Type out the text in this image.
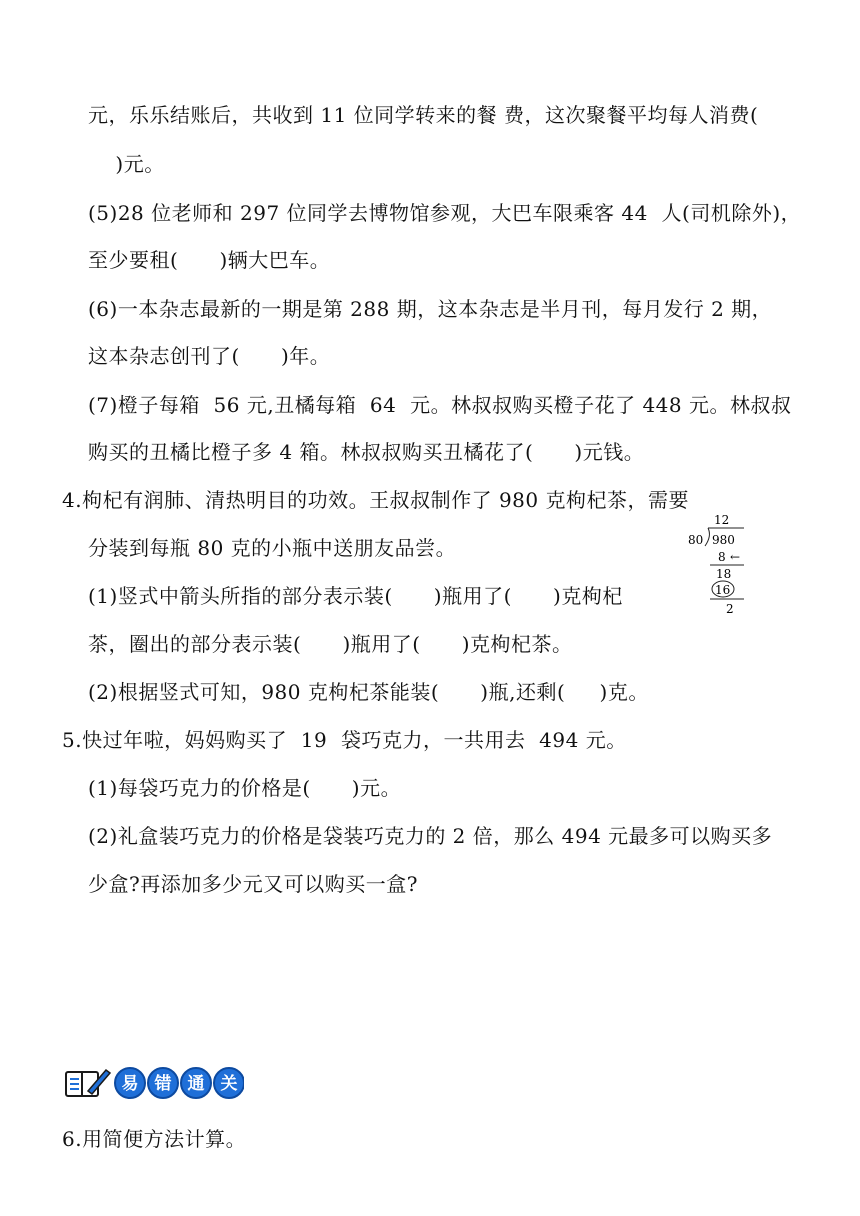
元，乐乐结账后，共收到 11 位同学转来的餐 费，这次聚餐平均每人消费(
)元。
(5)28 位老师和 297 位同学去博物馆参观，大巴车限乘客 44  人(司机除外)，
至少要租(      )辆大巴车。
(6)一本杂志最新的一期是第 288 期，这本杂志是半月刊，每月发行 2 期，
这本杂志创刊了(      )年。
(7)橙子每箱  56 元,丑橘每箱  64  元。林叔叔购买橙子花了 448 元。林叔叔
购买的丑橘比橙子多 4 箱。林叔叔购买丑橘花了(      )元钱。
4.枸杞有润肺、清热明目的功效。王叔叔制作了 980 克枸杞茶，需要
分装到每瓶 80 克的小瓶中送朋友品尝。
(1)竖式中箭头所指的部分表示装(      )瓶用了(      )克枸杞
茶，圈出的部分表示装(      )瓶用了(      )克枸杞茶。
(2)根据竖式可知，980 克枸杞茶能装(      )瓶,还剩(     )克。
5.快过年啦，妈妈购买了  19  袋巧克力，一共用去  494 元。
(1)每袋巧克力的价格是(      )元。
(2)礼盒装巧克力的价格是袋装巧克力的 2 倍，那么 494 元最多可以购买多
少盒?再添加多少元又可以购买一盒?
6.用简便方法计算。
12
80 980
8 ←
18
16
2
易 错 通 关
